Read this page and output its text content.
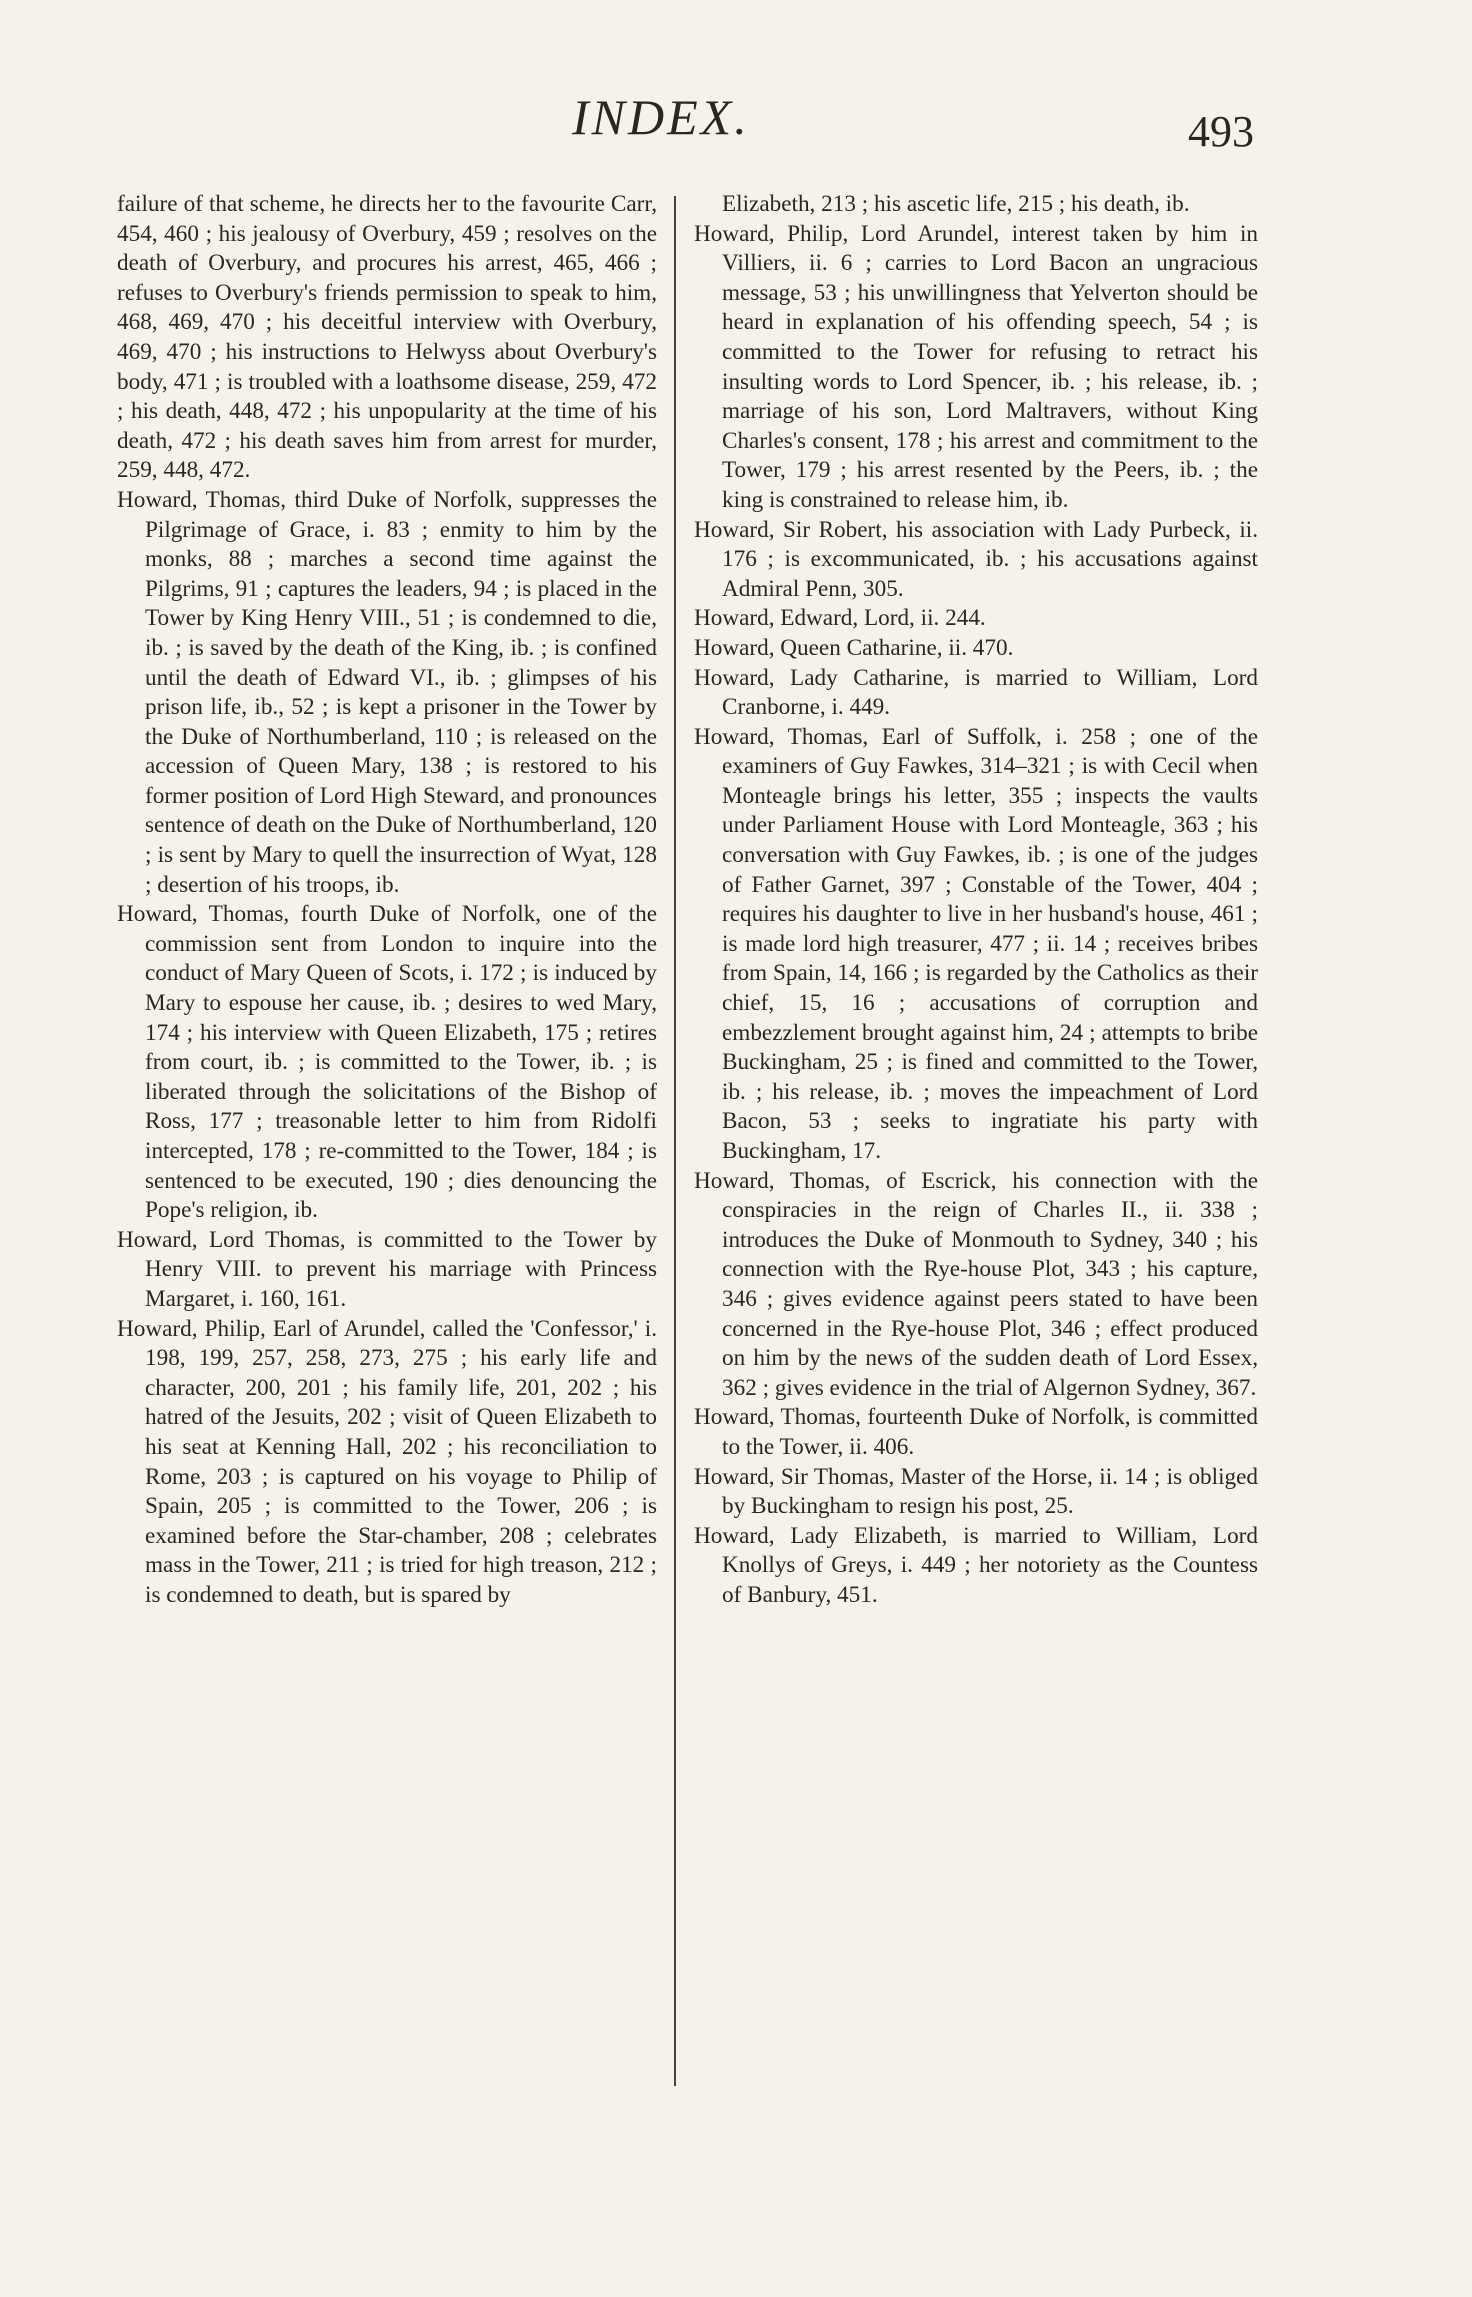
INDEX.	493

failure of that scheme, he directs her to the favourite Carr, 454, 460 ; his jealousy of Overbury, 459 ; resolves on the death of Overbury, and procures his arrest, 465, 466 ; refuses to Overbury's friends permission to speak to him, 468, 469, 470 ; his deceitful interview with Overbury, 469, 470 ; his instructions to Helwyss about Overbury's body, 471 ; is troubled with a loathsome disease, 259, 472 ; his death, 448, 472 ; his unpopularity at the time of his death, 472 ; his death saves him from arrest for murder, 259, 448, 472.

Howard, Thomas, third Duke of Norfolk, suppresses the Pilgrimage of Grace, i. 83 ; enmity to him by the monks, 88 ; marches a second time against the Pilgrims, 91 ; captures the leaders, 94 ; is placed in the Tower by King Henry VIII., 51 ; is condemned to die, ib. ; is saved by the death of the King, ib. ; is confined until the death of Edward VI., ib. ; glimpses of his prison life, ib., 52 ; is kept a prisoner in the Tower by the Duke of Northumberland, 110 ; is released on the accession of Queen Mary, 138 ; is restored to his former position of Lord High Steward, and pronounces sentence of death on the Duke of Northumberland, 120 ; is sent by Mary to quell the insurrection of Wyat, 128 ; desertion of his troops, ib.

Howard, Thomas, fourth Duke of Norfolk, one of the commission sent from London to inquire into the conduct of Mary Queen of Scots, i. 172 ; is induced by Mary to espouse her cause, ib. ; desires to wed Mary, 174 ; his interview with Queen Elizabeth, 175 ; retires from court, ib. ; is committed to the Tower, ib. ; is liberated through the solicitations of the Bishop of Ross, 177 ; treasonable letter to him from Ridolfi intercepted, 178 ; re-committed to the Tower, 184 ; is sentenced to be executed, 190 ; dies denouncing the Pope's religion, ib.

Howard, Lord Thomas, is committed to the Tower by Henry VIII. to prevent his marriage with Princess Margaret, i. 160, 161.

Howard, Philip, Earl of Arundel, called the 'Confessor,' i. 198, 199, 257, 258, 273, 275 ; his early life and character, 200, 201 ; his family life, 201, 202 ; his hatred of the Jesuits, 202 ; visit of Queen Elizabeth to his seat at Kenning Hall, 202 ; his reconciliation to Rome, 203 ; is captured on his voyage to Philip of Spain, 205 ; is committed to the Tower, 206 ; is examined before the Star-chamber, 208 ; celebrates mass in the Tower, 211 ; is tried for high treason, 212 ; is condemned to death, but is spared by

Elizabeth, 213 ; his ascetic life, 215 ; his death, ib.

Howard, Philip, Lord Arundel, interest taken by him in Villiers, ii. 6 ; carries to Lord Bacon an ungracious message, 53 ; his unwillingness that Yelverton should be heard in explanation of his offending speech, 54 ; is committed to the Tower for refusing to retract his insulting words to Lord Spencer, ib. ; his release, ib. ; marriage of his son, Lord Maltravers, without King Charles's consent, 178 ; his arrest and commitment to the Tower, 179 ; his arrest resented by the Peers, ib. ; the king is constrained to release him, ib.

Howard, Sir Robert, his association with Lady Purbeck, ii. 176 ; is excommunicated, ib. ; his accusations against Admiral Penn, 305.

Howard, Edward, Lord, ii. 244.

Howard, Queen Catharine, ii. 470.

Howard, Lady Catharine, is married to William, Lord Cranborne, i. 449.

Howard, Thomas, Earl of Suffolk, i. 258 ; one of the examiners of Guy Fawkes, 314–321 ; is with Cecil when Monteagle brings his letter, 355 ; inspects the vaults under Parliament House with Lord Monteagle, 363 ; his conversation with Guy Fawkes, ib. ; is one of the judges of Father Garnet, 397 ; Constable of the Tower, 404 ; requires his daughter to live in her husband's house, 461 ; is made lord high treasurer, 477 ; ii. 14 ; receives bribes from Spain, 14, 166 ; is regarded by the Catholics as their chief, 15, 16 ; accusations of corruption and embezzlement brought against him, 24 ; attempts to bribe Buckingham, 25 ; is fined and committed to the Tower, ib. ; his release, ib. ; moves the impeachment of Lord Bacon, 53 ; seeks to ingratiate his party with Buckingham, 17.

Howard, Thomas, of Escrick, his connection with the conspiracies in the reign of Charles II., ii. 338 ; introduces the Duke of Monmouth to Sydney, 340 ; his connection with the Rye-house Plot, 343 ; his capture, 346 ; gives evidence against peers stated to have been concerned in the Rye-house Plot, 346 ; effect produced on him by the news of the sudden death of Lord Essex, 362 ; gives evidence in the trial of Algernon Sydney, 367.

Howard, Thomas, fourteenth Duke of Norfolk, is committed to the Tower, ii. 406.

Howard, Sir Thomas, Master of the Horse, ii. 14 ; is obliged by Buckingham to resign his post, 25.

Howard, Lady Elizabeth, is married to William, Lord Knollys of Greys, i. 449 ; her notoriety as the Countess of Banbury, 451.
